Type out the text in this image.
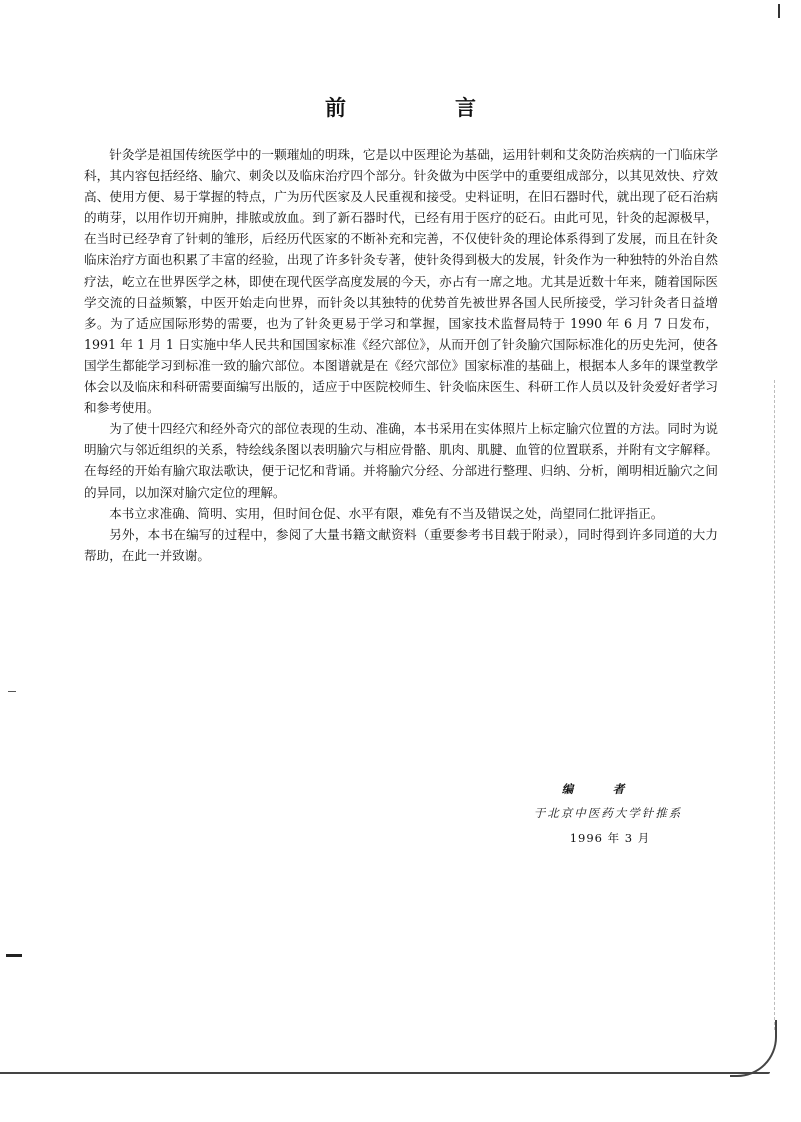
前　言

针灸学是祖国传统医学中的一颗璀灿的明珠，它是以中医理论为基础，运用针刺和艾灸防治疾病的一门临床学科，其内容包括经络、腧穴、刺灸以及临床治疗四个部分。针灸做为中医学中的重要组成部分，以其见效快、疗效高、使用方便、易于掌握的特点，广为历代医家及人民重视和接受。史料证明，在旧石器时代，就出现了砭石治病的萌芽，以用作切开痈肿，排脓或放血。到了新石器时代，已经有用于医疗的砭石。由此可见，针灸的起源极早，在当时已经孕育了针刺的雏形，后经历代医家的不断补充和完善，不仅使针灸的理论体系得到了发展，而且在针灸临床治疗方面也积累了丰富的经验，出现了许多针灸专著，使针灸得到极大的发展，针灸作为一种独特的外治自然疗法，屹立在世界医学之林，即使在现代医学高度发展的今天，亦占有一席之地。尤其是近数十年来，随着国际医学交流的日益频繁，中医开始走向世界，而针灸以其独特的优势首先被世界各国人民所接受，学习针灸者日益增多。为了适应国际形势的需要，也为了针灸更易于学习和掌握，国家技术监督局特于 1990 年 6 月 7 日发布，1991 年 1 月 1 日实施中华人民共和国国家标准《经穴部位》，从而开创了针灸腧穴国际标准化的历史先河，使各国学生都能学习到标准一致的腧穴部位。本图谱就是在《经穴部位》国家标准的基础上，根据本人多年的课堂教学体会以及临床和科研需要面编写出版的，适应于中医院校师生、针灸临床医生、科研工作人员以及针灸爱好者学习和参考使用。

为了使十四经穴和经外奇穴的部位表现的生动、准确，本书采用在实体照片上标定腧穴位置的方法。同时为说明腧穴与邻近组织的关系，特绘线条图以表明腧穴与相应骨骼、肌肉、肌腱、血管的位置联系，并附有文字解释。在每经的开始有腧穴取法歌诀，便于记忆和背诵。并将腧穴分经、分部进行整理、归纳、分析，阐明相近腧穴之间的异同，以加深对腧穴定位的理解。

本书立求准确、简明、实用，但时间仓促、水平有限，难免有不当及错误之处，尚望同仁批评指正。

另外，本书在编写的过程中，参阅了大量书籍文献资料（重要参考书目载于附录），同时得到许多同道的大力帮助，在此一并致谢。

编　者
于北京中医药大学针推系
1996 年 3 月
